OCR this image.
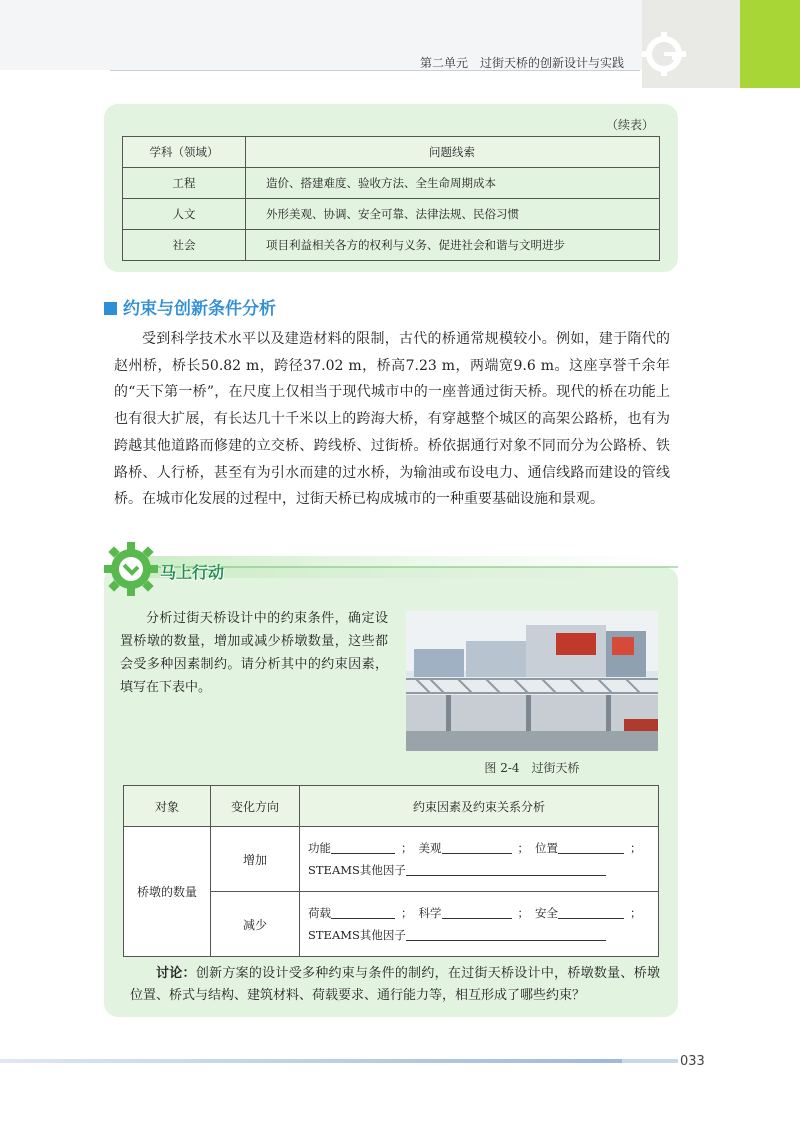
第二单元　过街天桥的创新设计与实践
（续表）
学科（领域）	问题线索
工程	造价、搭建难度、验收方法、全生命周期成本
人文	外形美观、协调、安全可靠、法律法规、民俗习惯
社会	项目利益相关各方的权利与义务、促进社会和谐与文明进步
约束与创新条件分析
受到科学技术水平以及建造材料的限制，古代的桥通常规模较小。例如，建于隋代的赵州桥，桥长50.82 m，跨径37.02 m，桥高7.23 m，两端宽9.6 m。这座享誉千余年的“天下第一桥”，在尺度上仅相当于现代城市中的一座普通过街天桥。现代的桥在功能上也有很大扩展，有长达几十千米以上的跨海大桥，有穿越整个城区的高架公路桥，也有为跨越其他道路而修建的立交桥、跨线桥、过街桥。桥依据通行对象不同而分为公路桥、铁路桥、人行桥，甚至有为引水而建的过水桥，为输油或布设电力、通信线路而建设的管线桥。在城市化发展的过程中，过街天桥已构成城市的一种重要基础设施和景观。
分析过街天桥设计中的约束条件，确定设置桥墩的数量，增加或减少桥墩数量，这些都会受多种因素制约。请分析其中的约束因素，填写在下表中。
图 2-4　过街天桥
对象	变化方向	约束因素及约束关系分析
桥墩的数量	增加	功能 ； 美观 ； 位置 ；
STEAMS其他因子
	减少	荷载 ； 科学 ； 安全 ；
STEAMS其他因子
讨论：创新方案的设计受多种约束与条件的制约，在过街天桥设计中，桥墩数量、桥墩位置、桥式与结构、建筑材料、荷载要求、通行能力等，相互形成了哪些约束？
马上行动
033
